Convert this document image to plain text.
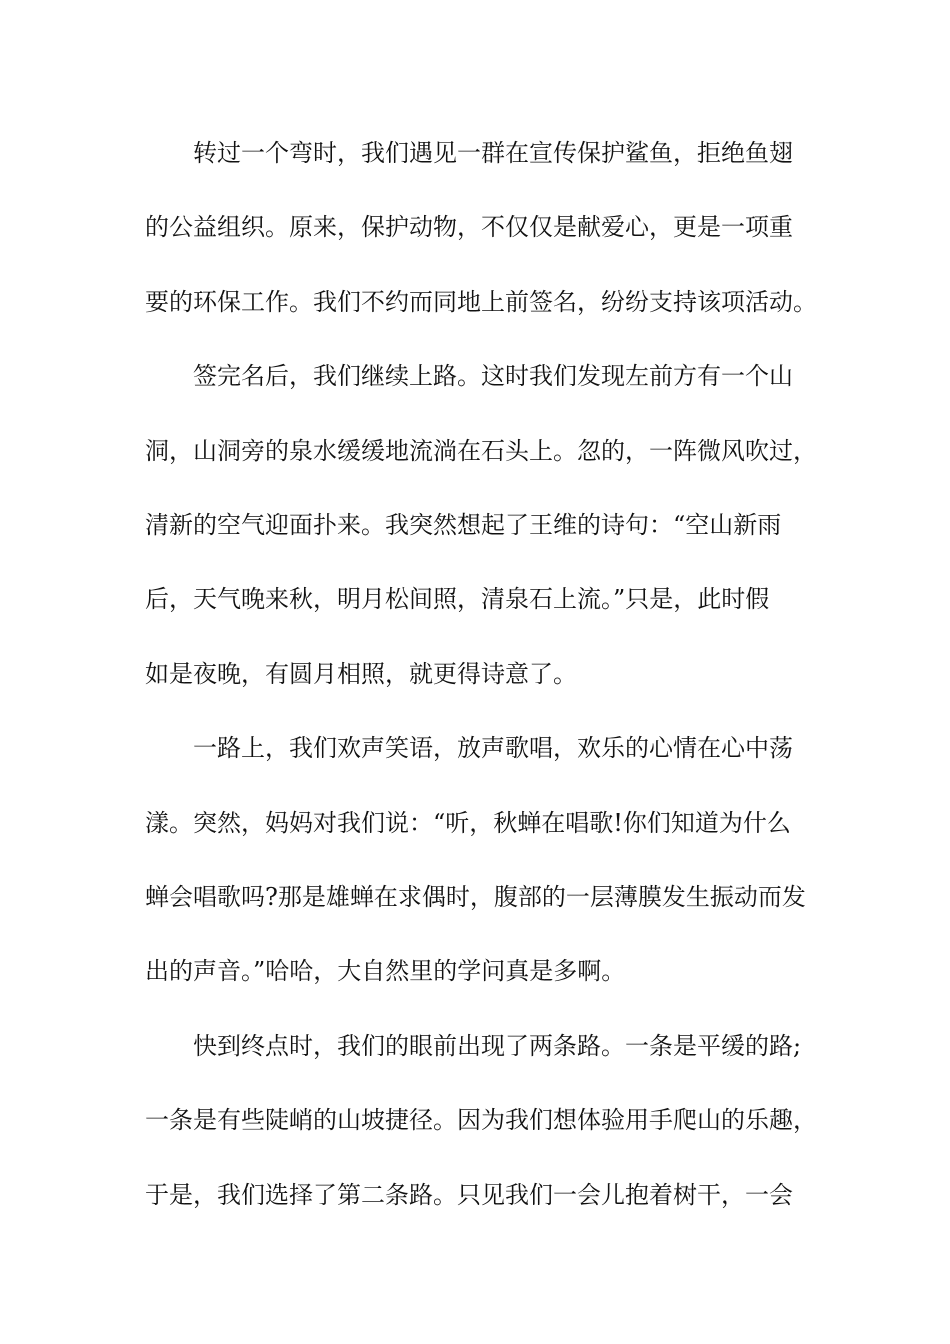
转过一个弯时，我们遇见一群在宣传保护鲨鱼，拒绝鱼翅
的公益组织。原来，保护动物，不仅仅是献爱心，更是一项重
要的环保工作。我们不约而同地上前签名，纷纷支持该项活动。
签完名后，我们继续上路。这时我们发现左前方有一个山
洞，山洞旁的泉水缓缓地流淌在石头上。忽的，一阵微风吹过，
清新的空气迎面扑来。我突然想起了王维的诗句：“空山新雨
后，天气晚来秋，明月松间照，清泉石上流。”只是，此时假
如是夜晚，有圆月相照，就更得诗意了。
一路上，我们欢声笑语，放声歌唱，欢乐的心情在心中荡
漾。突然，妈妈对我们说：“听，秋蝉在唱歌!你们知道为什么
蝉会唱歌吗?那是雄蝉在求偶时，腹部的一层薄膜发生振动而发
出的声音。”哈哈，大自然里的学问真是多啊。
快到终点时，我们的眼前出现了两条路。一条是平缓的路;
一条是有些陡峭的山坡捷径。因为我们想体验用手爬山的乐趣，
于是，我们选择了第二条路。只见我们一会儿抱着树干，一会
